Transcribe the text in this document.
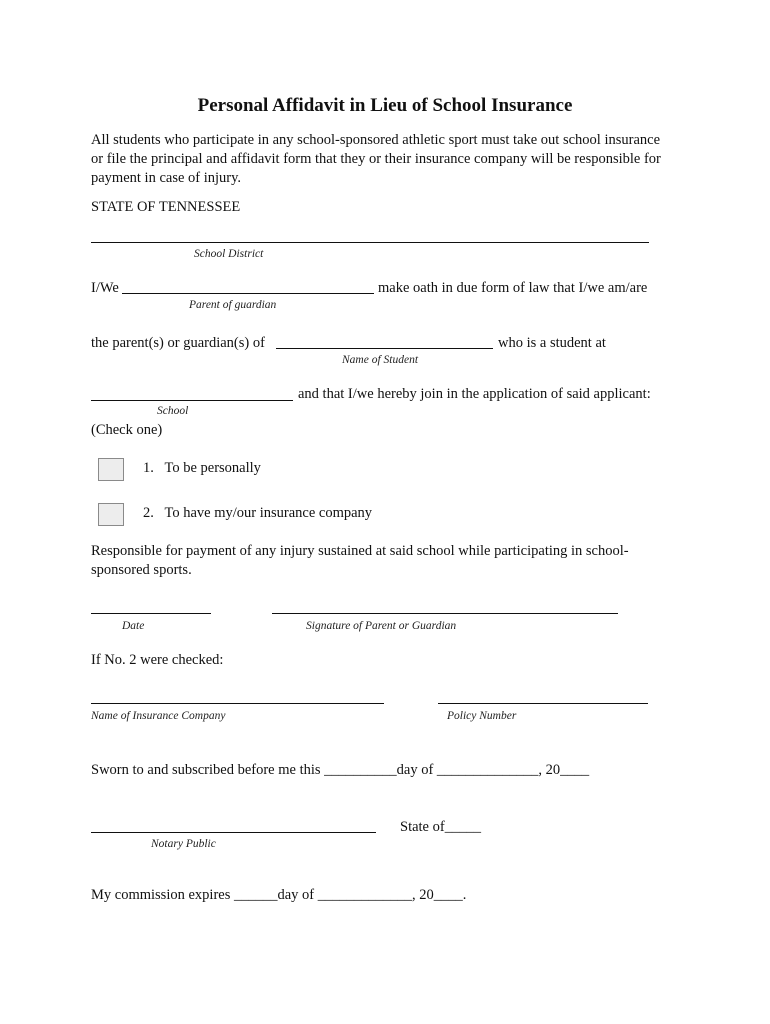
Personal Affidavit in Lieu of School Insurance
All students who participate in any school-sponsored athletic sport must take out school insurance or file the principal and affidavit form that they or their insurance company will be responsible for payment in case of injury.
STATE OF TENNESSEE
School District
I/We	make oath in due form of law that I/we am/are
Parent of guardian
the parent(s) or guardian(s) of	who is a student at
Name of Student
and that I/we hereby join in the application of said applicant:
School
(Check one)
1.   To be personally
2.   To have my/our insurance company
Responsible for payment of any injury sustained at said school while participating in school-sponsored sports.
Date	Signature of Parent or Guardian
If No. 2 were checked:
Name of Insurance Company	Policy Number
Sworn to and subscribed before me this __________day of ______________, 20____
State of_____
Notary Public
My commission expires ______day of _____________, 20____.
